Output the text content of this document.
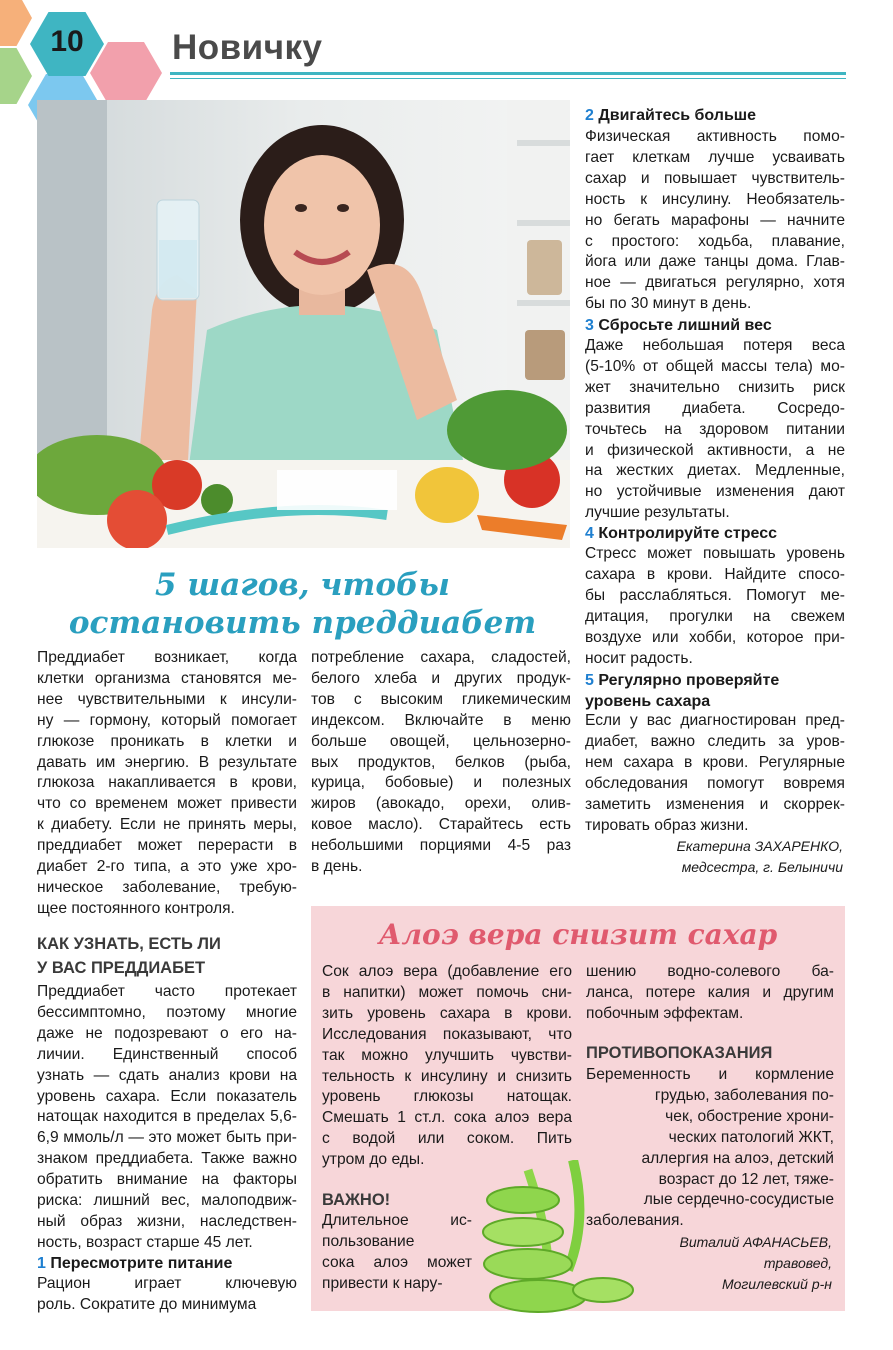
10	Новичку
5 шагов, чтобы
остановить преддиабет
Преддиабет возникает, когда
клетки организма становятся ме-
нее чувствительными к инсули-
ну — гормону, который помогает
глюкозе проникать в клетки и
давать им энергию. В результате
глюкоза накапливается в крови,
что со временем может привести
к диабету. Если не принять меры,
преддиабет может перерасти в
диабет 2-го типа, а это уже хро-
ническое заболевание, требую-
щее постоянного контроля.
потребление сахара, сладостей,
белого хлеба и других продук-
тов с высоким гликемическим
индексом. Включайте в меню
больше овощей, цельнозерно-
вых продуктов, белков (рыба,
курица, бобовые) и полезных
жиров (авокадо, орехи, олив-
ковое масло). Старайтесь есть
небольшими порциями 4-5 раз
в день.
КАК УЗНАТЬ, ЕСТЬ ЛИ
У ВАС ПРЕДДИАБЕТ
Преддиабет часто протекает
бессимптомно, поэтому многие
даже не подозревают о его на-
личии. Единственный способ
узнать — сдать анализ крови на
уровень сахара. Если показатель
натощак находится в пределах 5,6-
6,9 ммоль/л — это может быть при-
знаком преддиабета. Также важно
обратить внимание на факторы
риска: лишний вес, малоподвиж-
ный образ жизни, наследствен-
ность, возраст старше 45 лет.
1 Пересмотрите питание
Рацион играет ключевую
роль. Сократите до минимума
2 Двигайтесь больше
Физическая активность помо-
гает клеткам лучше усваивать
сахар и повышает чувствитель-
ность к инсулину. Необязатель-
но бегать марафоны — начните
с простого: ходьба, плавание,
йога или даже танцы дома. Глав-
ное — двигаться регулярно, хотя
бы по 30 минут в день.
3 Сбросьте лишний вес
Даже небольшая потеря веса
(5-10% от общей массы тела) мо-
жет значительно снизить риск
развития диабета. Сосредо-
точьтесь на здоровом питании
и физической активности, а не
на жестких диетах. Медленные,
но устойчивые изменения дают
лучшие результаты.
4 Контролируйте стресс
Стресс может повышать уровень
сахара в крови. Найдите спосо-
бы расслабляться. Помогут ме-
дитация, прогулки на свежем
воздухе или хобби, которое при-
носит радость.
5 Регулярно проверяйте
уровень сахара
Если у вас диагностирован пред-
диабет, важно следить за уров-
нем сахара в крови. Регулярные
обследования помогут вовремя
заметить изменения и скоррек-
тировать образ жизни.
Екатерина ЗАХАРЕНКО,
медсестра, г. Белыничи
Алоэ вера снизит сахар
Сок алоэ вера (добавление его
в напитки) может помочь сни-
зить уровень сахара в крови.
Исследования показывают, что
так можно улучшить чувстви-
тельность к инсулину и снизить
уровень глюкозы натощак.
Смешать 1 ст.л. сока алоэ вера
с водой или соком. Пить
утром до еды.
ВАЖНО!
Длительное ис-
пользование
сока алоэ может
привести к нару-
шению водно-солевого ба-
ланса, потере калия и другим
побочным эффектам.
ПРОТИВОПОКАЗАНИЯ
Беременность и кормление
грудью, заболевания по-
чек, обострение хрони-
ческих патологий ЖКТ,
аллергия на алоэ, детский
возраст до 12 лет, тяже-
лые сердечно-сосудистые
заболевания.
Виталий АФАНАСЬЕВ,
травовед,
Могилевский р-н
